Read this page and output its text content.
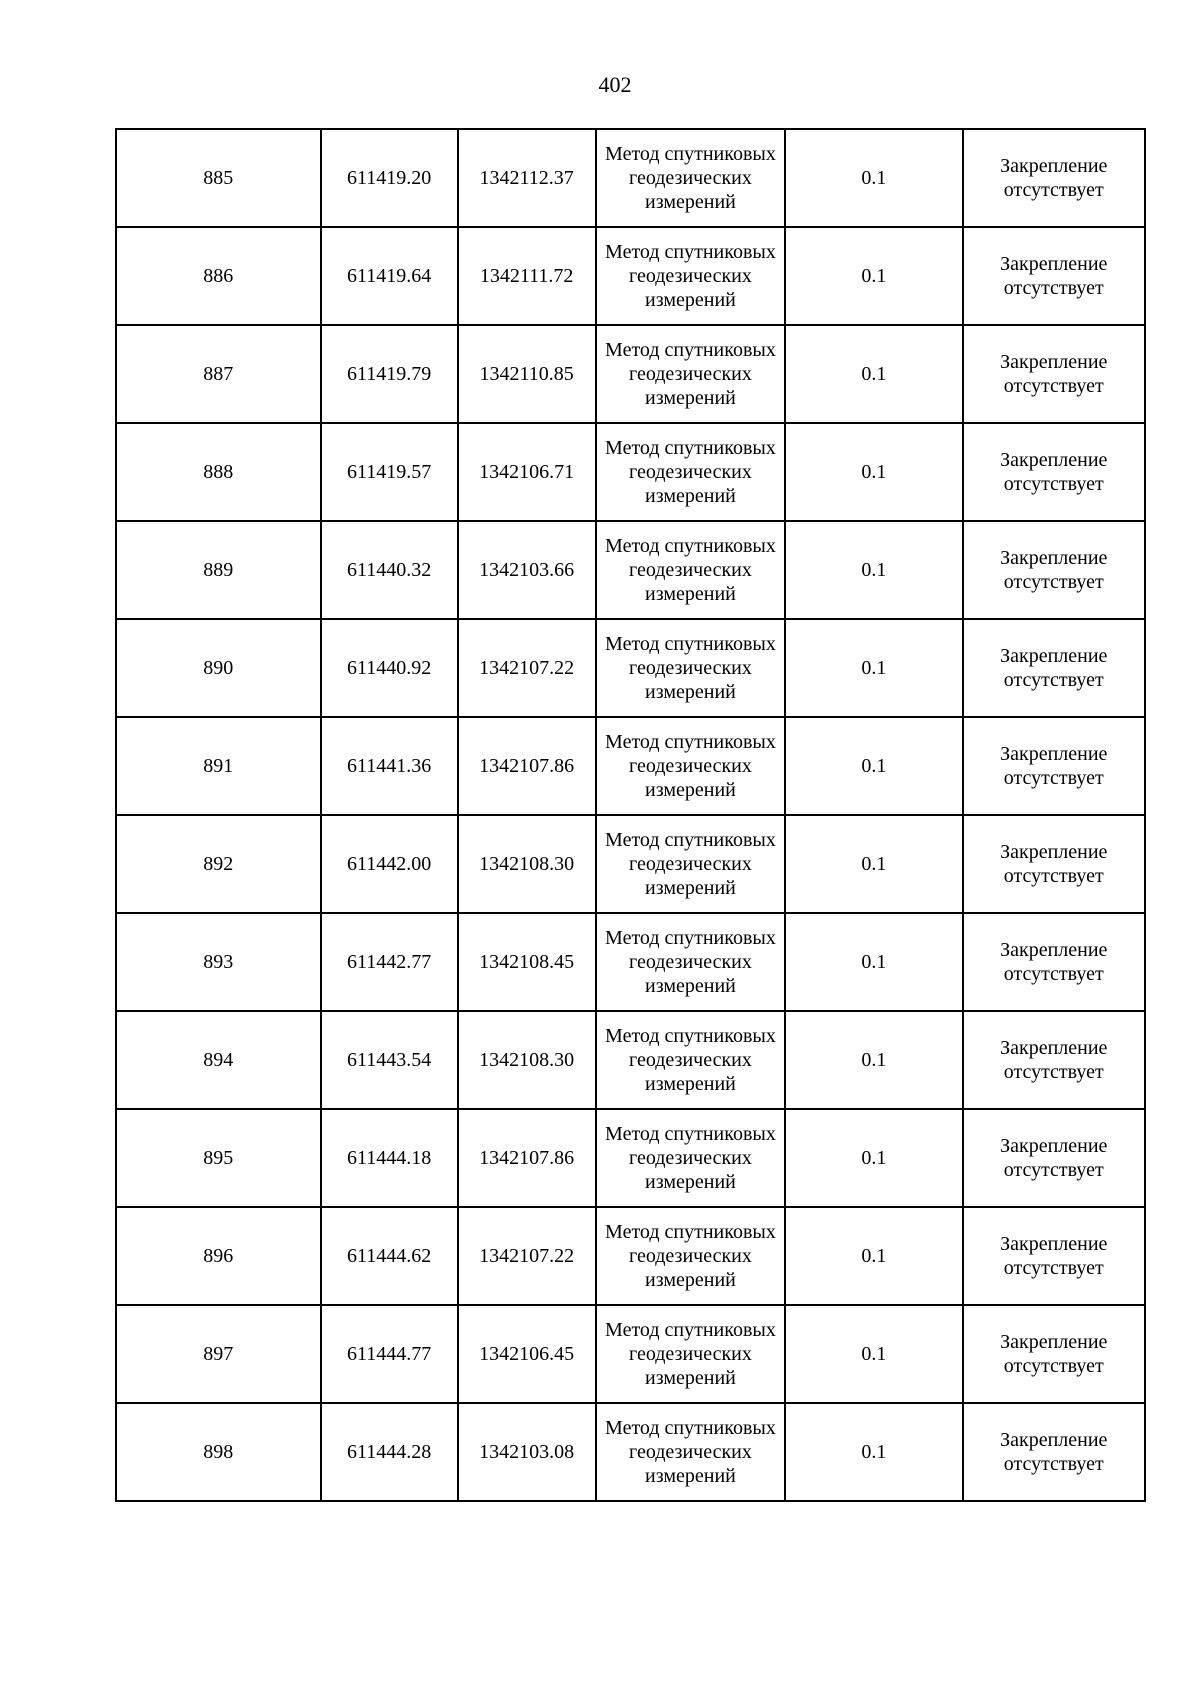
402
885	611419.20	1342112.37	Метод спутниковых геодезических измерений	0.1	Закрепление отсутствует
886	611419.64	1342111.72	Метод спутниковых геодезических измерений	0.1	Закрепление отсутствует
887	611419.79	1342110.85	Метод спутниковых геодезических измерений	0.1	Закрепление отсутствует
888	611419.57	1342106.71	Метод спутниковых геодезических измерений	0.1	Закрепление отсутствует
889	611440.32	1342103.66	Метод спутниковых геодезических измерений	0.1	Закрепление отсутствует
890	611440.92	1342107.22	Метод спутниковых геодезических измерений	0.1	Закрепление отсутствует
891	611441.36	1342107.86	Метод спутниковых геодезических измерений	0.1	Закрепление отсутствует
892	611442.00	1342108.30	Метод спутниковых геодезических измерений	0.1	Закрепление отсутствует
893	611442.77	1342108.45	Метод спутниковых геодезических измерений	0.1	Закрепление отсутствует
894	611443.54	1342108.30	Метод спутниковых геодезических измерений	0.1	Закрепление отсутствует
895	611444.18	1342107.86	Метод спутниковых геодезических измерений	0.1	Закрепление отсутствует
896	611444.62	1342107.22	Метод спутниковых геодезических измерений	0.1	Закрепление отсутствует
897	611444.77	1342106.45	Метод спутниковых геодезических измерений	0.1	Закрепление отсутствует
898	611444.28	1342103.08	Метод спутниковых геодезических измерений	0.1	Закрепление отсутствует
